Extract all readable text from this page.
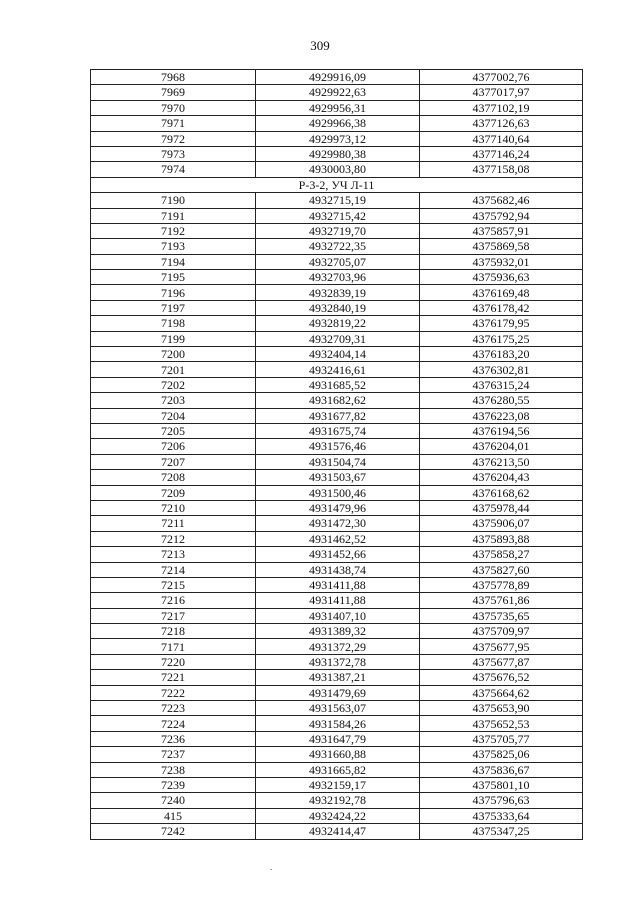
309
7968	4929916,09	4377002,76
7969	4929922,63	4377017,97
7970	4929956,31	4377102,19
7971	4929966,38	4377126,63
7972	4929973,12	4377140,64
7973	4929980,38	4377146,24
7974	4930003,80	4377158,08
Р-3-2, УЧ Л-11		
7190	4932715,19	4375682,46
7191	4932715,42	4375792,94
7192	4932719,70	4375857,91
7193	4932722,35	4375869,58
7194	4932705,07	4375932,01
7195	4932703,96	4375936,63
7196	4932839,19	4376169,48
7197	4932840,19	4376178,42
7198	4932819,22	4376179,95
7199	4932709,31	4376175,25
7200	4932404,14	4376183,20
7201	4932416,61	4376302,81
7202	4931685,52	4376315,24
7203	4931682,62	4376280,55
7204	4931677,82	4376223,08
7205	4931675,74	4376194,56
7206	4931576,46	4376204,01
7207	4931504,74	4376213,50
7208	4931503,67	4376204,43
7209	4931500,46	4376168,62
7210	4931479,96	4375978,44
7211	4931472,30	4375906,07
7212	4931462,52	4375893,88
7213	4931452,66	4375858,27
7214	4931438,74	4375827,60
7215	4931411,88	4375778,89
7216	4931411,88	4375761,86
7217	4931407,10	4375735,65
7218	4931389,32	4375709,97
7171	4931372,29	4375677,95
7220	4931372,78	4375677,87
7221	4931387,21	4375676,52
7222	4931479,69	4375664,62
7223	4931563,07	4375653,90
7224	4931584,26	4375652,53
7236	4931647,79	4375705,77
7237	4931660,88	4375825,06
7238	4931665,82	4375836,67
7239	4932159,17	4375801,10
7240	4932192,78	4375796,63
415	4932424,22	4375333,64
7242	4932414,47	4375347,25
.
